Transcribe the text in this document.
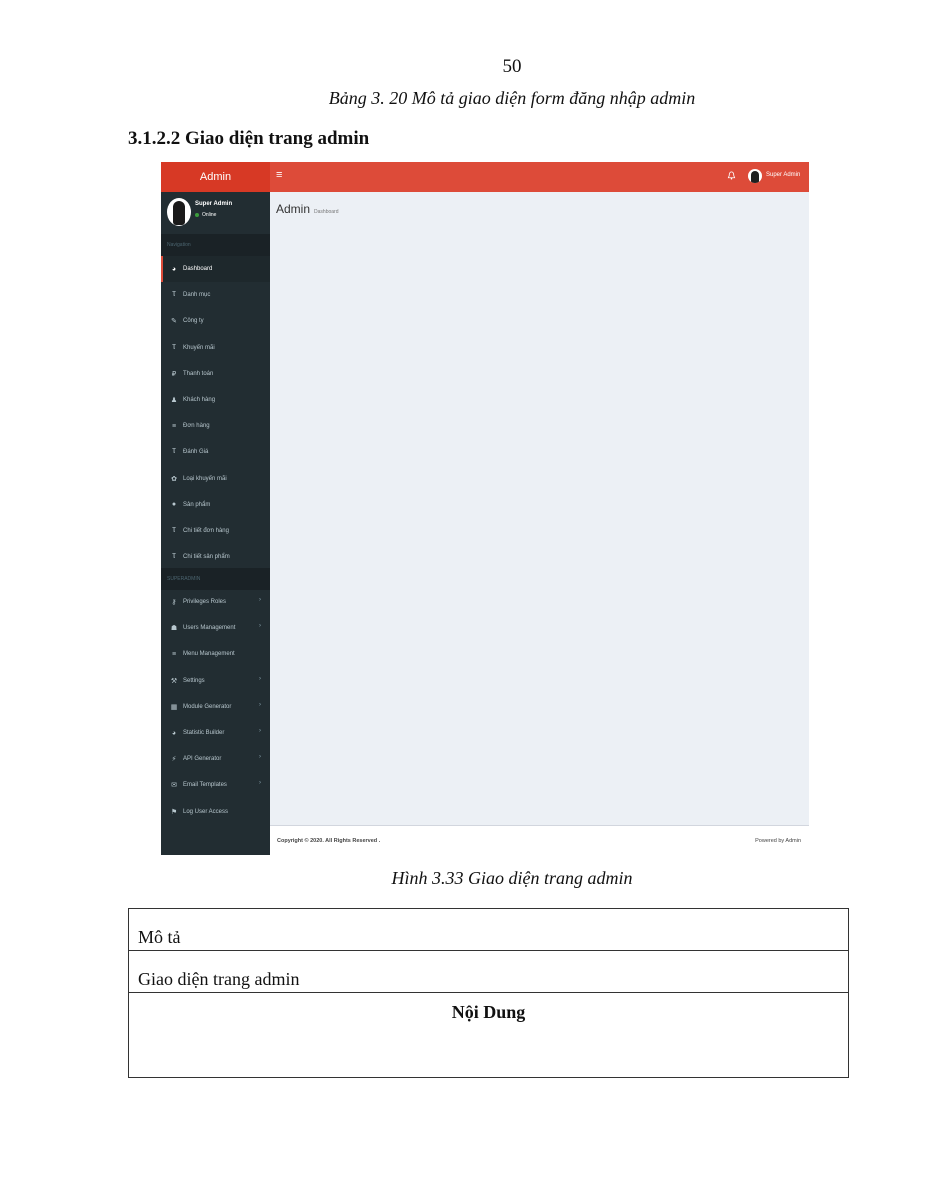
50
Bảng 3. 20 Mô tả giao diện form đăng nhập admin
3.1.2.2 Giao diện trang admin
Admin	≡	Super Admin
Super Admin
Online
Navigation
◕	Dashboard
Ⲧ	Danh mục
✎ Công ty
Ⲧ	Khuyến mãi
₽ Thanh toán
♟ Khách hàng
≡	Đơn hàng
Ⲧ	Đánh Giá
✿ Loại khuyến mãi
●	Sản phẩm
Ⲧ	Chi tiết đơn hàng
Ⲧ	Chi tiết sản phẩm
SUPERADMIN
⚷ Privileges Roles	›
☗ Users Management	›
≡	Menu Management
⚒ Settings	›
▦ Module Generator	›
◕	Statistic Builder	›
⚡ API Generator	›
✉ Email Templates	›
⚑ Log User Access
Admin Dashboard
Copyright © 2020. All Rights Reserved .	Powered by Admin
Hình 3.33 Giao diện trang admin
Mô tả
Giao diện trang admin
Nội Dung
